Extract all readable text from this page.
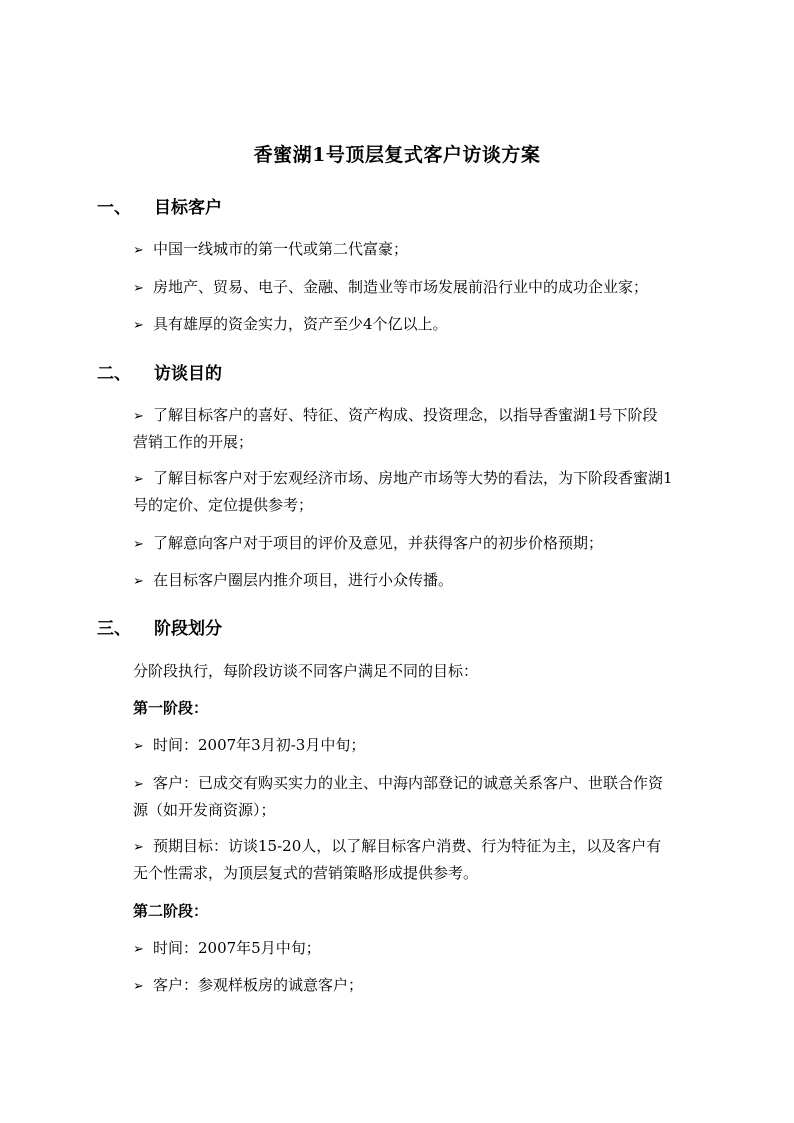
香蜜湖1号顶层复式客户访谈方案
一、 目标客户
➢ 中国一线城市的第一代或第二代富豪；
➢ 房地产、贸易、电子、金融、制造业等市场发展前沿行业中的成功企业家；
➢ 具有雄厚的资金实力，资产至少4个亿以上。
二、 访谈目的
➢ 了解目标客户的喜好、特征、资产构成、投资理念，以指导香蜜湖1号下阶段
营销工作的开展；
➢ 了解目标客户对于宏观经济市场、房地产市场等大势的看法，为下阶段香蜜湖1
号的定价、定位提供参考；
➢ 了解意向客户对于项目的评价及意见，并获得客户的初步价格预期；
➢ 在目标客户圈层内推介项目，进行小众传播。
三、 阶段划分
分阶段执行，每阶段访谈不同客户满足不同的目标：
第一阶段：
➢ 时间：2007年3月初-3月中旬；
➢ 客户：已成交有购买实力的业主、中海内部登记的诚意关系客户、世联合作资
源（如开发商资源）；
➢ 预期目标：访谈15-20人，以了解目标客户消费、行为特征为主，以及客户有
无个性需求，为顶层复式的营销策略形成提供参考。
第二阶段：
➢ 时间：2007年5月中旬；
➢ 客户：参观样板房的诚意客户；
